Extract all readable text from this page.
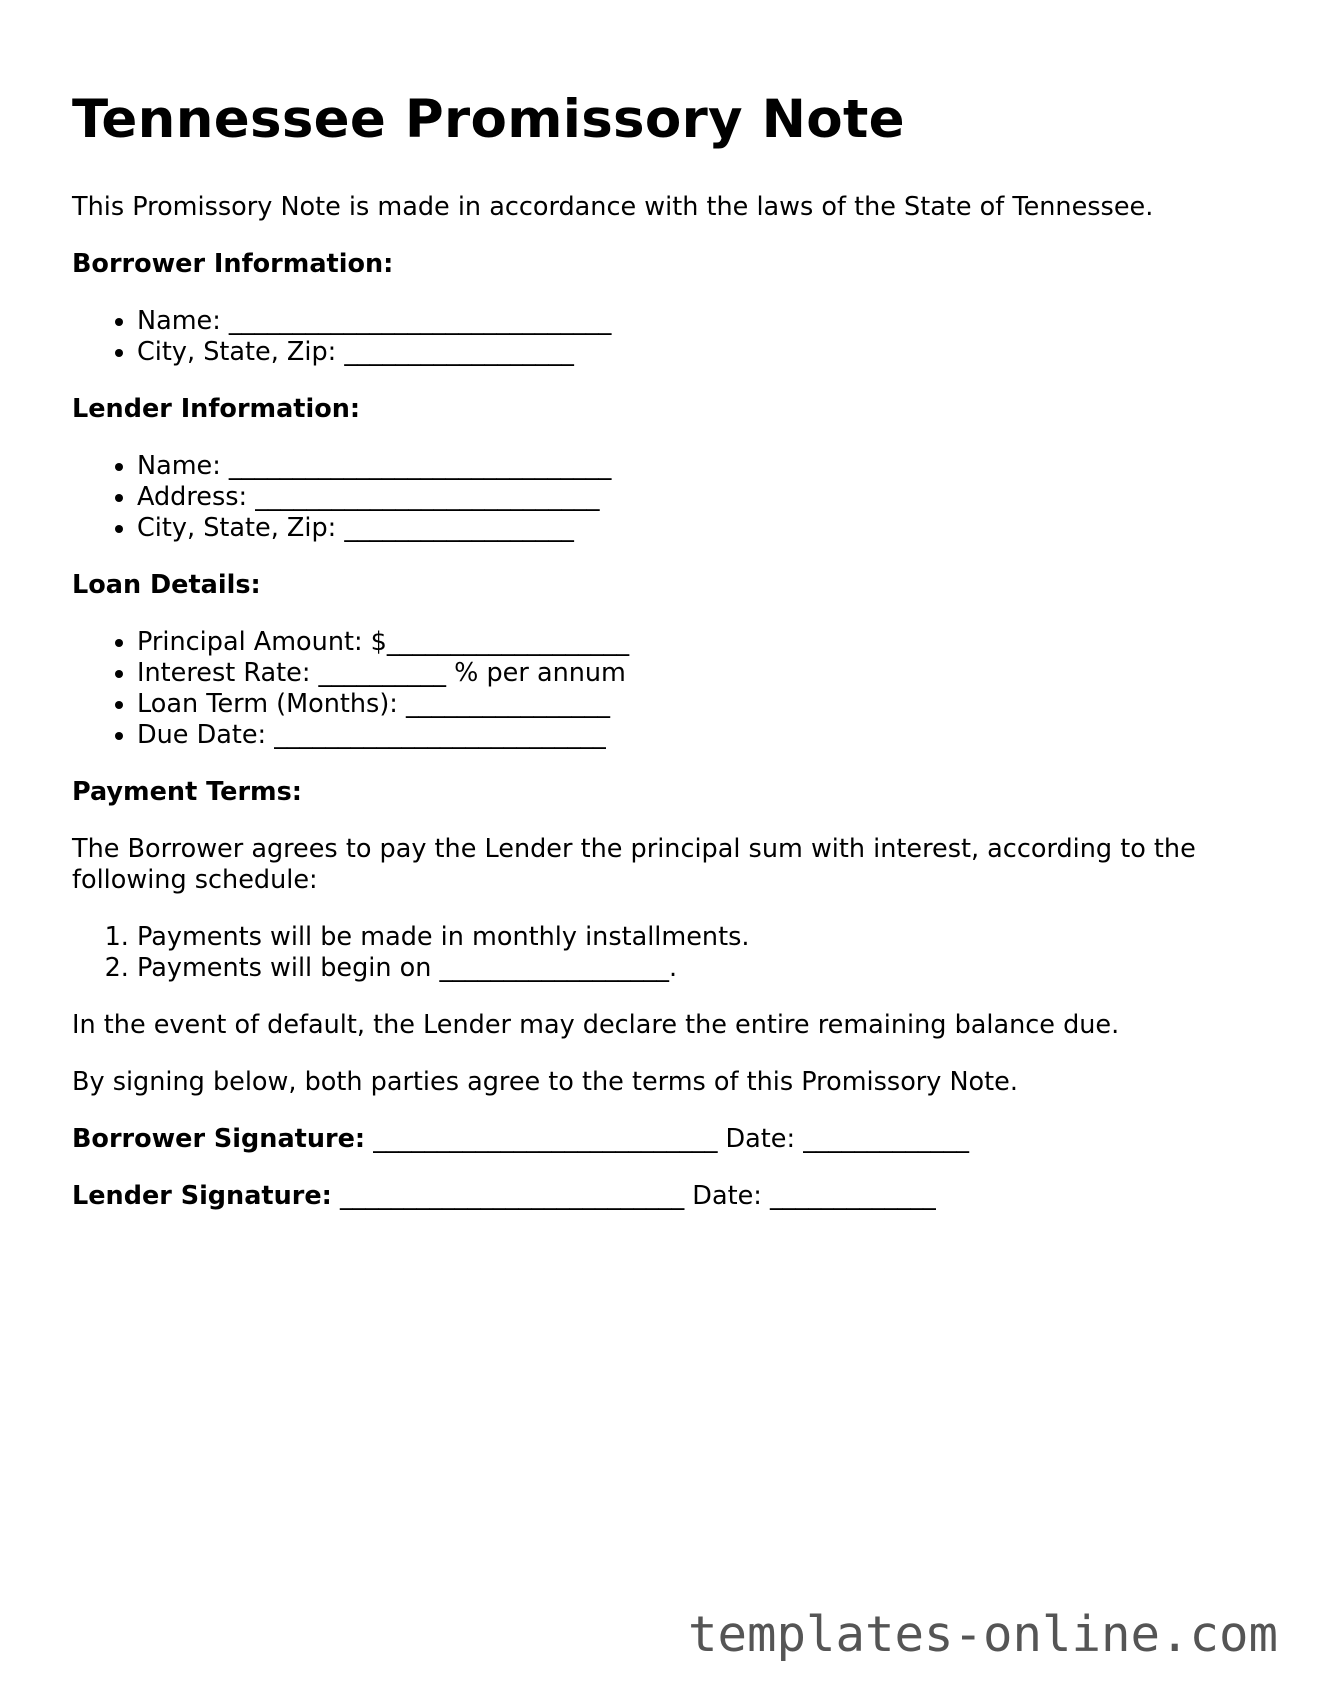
Tennessee Promissory Note

This Promissory Note is made in accordance with the laws of the State of Tennessee.

Borrower Information:
• Name: ______________________________
• City, State, Zip: __________________
Lender Information:
• Name: ______________________________
• Address: ___________________________
• City, State, Zip: __________________
Loan Details:
• Principal Amount: $___________________
• Interest Rate: __________ % per annum
• Loan Term (Months): ________________
• Due Date: __________________________
Payment Terms:

The Borrower agrees to pay the Lender the principal sum with interest, according to the following schedule:

1. Payments will be made in monthly installments.
2. Payments will begin on __________________.

In the event of default, the Lender may declare the entire remaining balance due.

By signing below, both parties agree to the terms of this Promissory Note.

Borrower Signature: ___________________________ Date: _____________
Lender Signature: ___________________________ Date: _____________
templates-online.com
